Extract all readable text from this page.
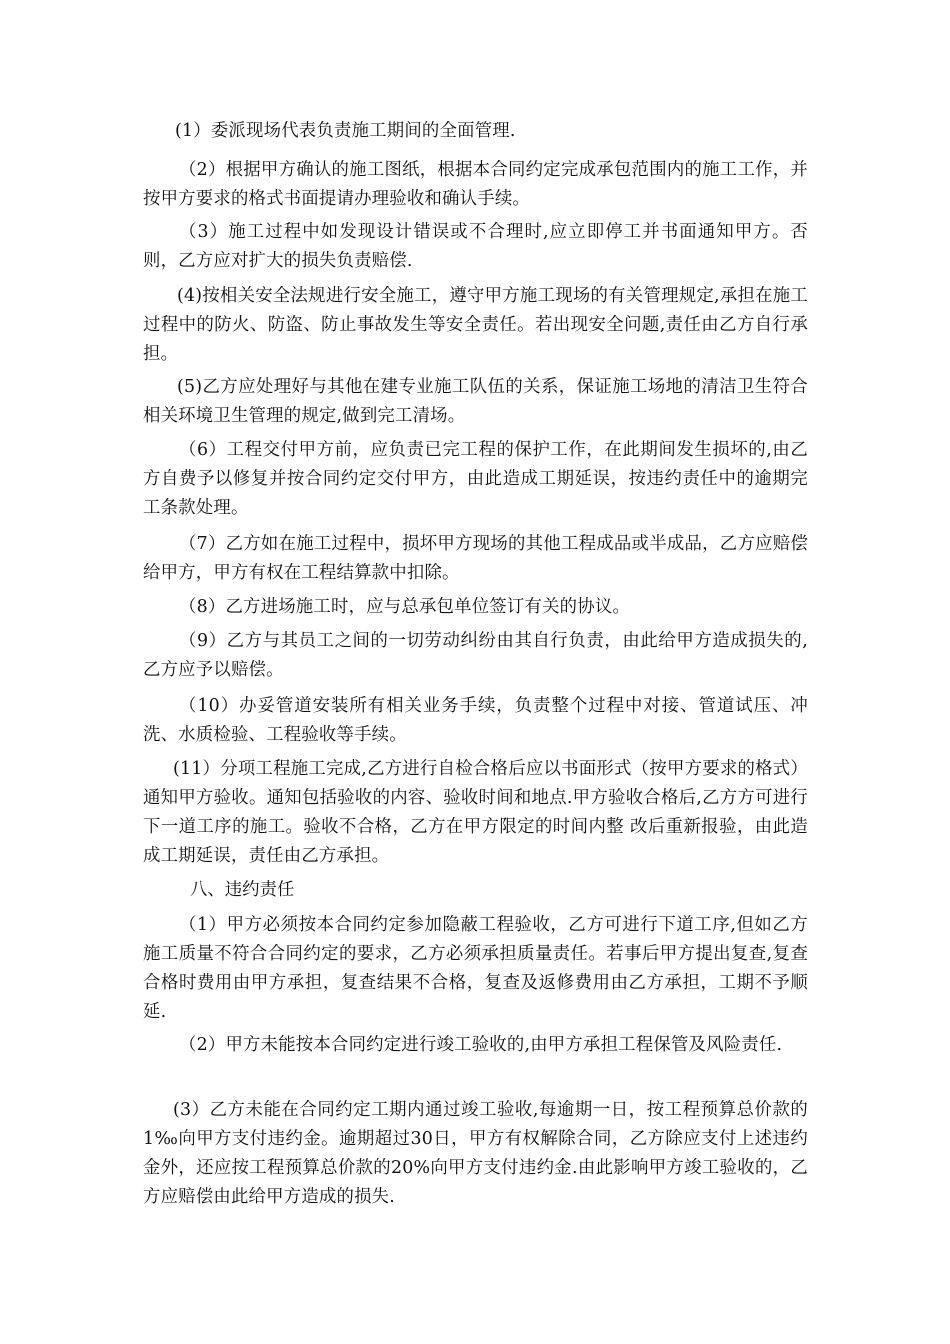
(1）委派现场代表负责施工期间的全面管理.
（2）根据甲方确认的施工图纸，根据本合同约定完成承包范围内的施工工作，并按甲方要求的格式书面提请办理验收和确认手续。
（3）施工过程中如发现设计错误或不合理时,应立即停工并书面通知甲方。否则，乙方应对扩大的损失负责赔偿.
(4)按相关安全法规进行安全施工，遵守甲方施工现场的有关管理规定,承担在施工过程中的防火、防盗、防止事故发生等安全责任。若出现安全问题,责任由乙方自行承担。
(5)乙方应处理好与其他在建专业施工队伍的关系，保证施工场地的清洁卫生符合相关环境卫生管理的规定,做到完工清场。
（6）工程交付甲方前，应负责已完工程的保护工作，在此期间发生损坏的,由乙方自费予以修复并按合同约定交付甲方，由此造成工期延误，按违约责任中的逾期完工条款处理。
（7）乙方如在施工过程中，损坏甲方现场的其他工程成品或半成品，乙方应赔偿给甲方，甲方有权在工程结算款中扣除。
（8）乙方进场施工时，应与总承包单位签订有关的协议。
（9）乙方与其员工之间的一切劳动纠纷由其自行负责，由此给甲方造成损失的,乙方应予以赔偿。
（10）办妥管道安装所有相关业务手续，负责整个过程中对接、管道试压、冲洗、水质检验、工程验收等手续。
(11）分项工程施工完成,乙方进行自检合格后应以书面形式（按甲方要求的格式）通知甲方验收。通知包括验收的内容、验收时间和地点.甲方验收合格后,乙方方可进行下一道工序的施工。验收不合格，乙方在甲方限定的时间内整 改后重新报验，由此造成工期延误，责任由乙方承担。
八、违约责任
（1）甲方必须按本合同约定参加隐蔽工程验收，乙方可进行下道工序,但如乙方施工质量不符合合同约定的要求，乙方必须承担质量责任。若事后甲方提出复查,复查合格时费用由甲方承担，复查结果不合格，复查及返修费用由乙方承担，工期不予顺延.
（2）甲方未能按本合同约定进行竣工验收的,由甲方承担工程保管及风险责任.
(3）乙方未能在合同约定工期内通过竣工验收,每逾期一日，按工程预算总价款的1‰向甲方支付违约金。逾期超过30日，甲方有权解除合同，乙方除应支付上述违约金外，还应按工程预算总价款的20%向甲方支付违约金.由此影响甲方竣工验收的，乙方应赔偿由此给甲方造成的损失.
